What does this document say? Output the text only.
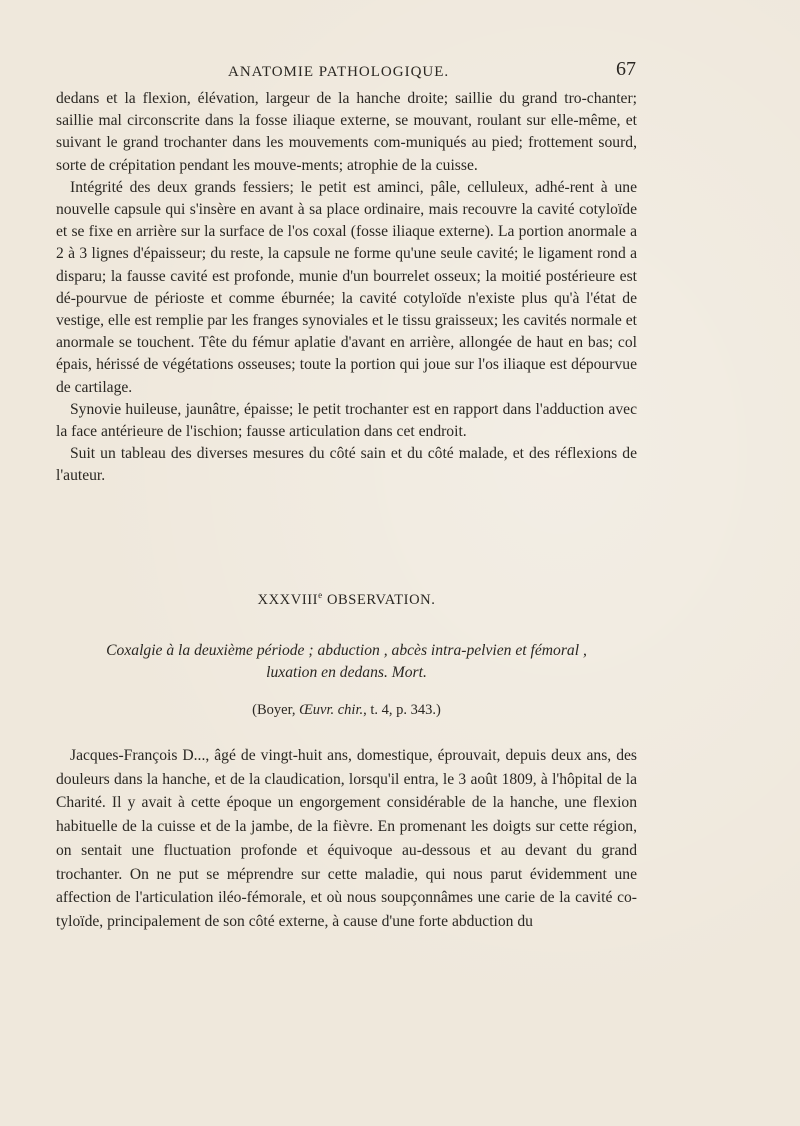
ANATOMIE PATHOLOGIQUE.	67

dedans et la flexion, élévation, largeur de la hanche droite; saillie du grand tro-chanter; saillie mal circonscrite dans la fosse iliaque externe, se mouvant, roulant sur elle-même, et suivant le grand trochanter dans les mouvements com-muniqués au pied; frottement sourd, sorte de crépitation pendant les mouve-ments; atrophie de la cuisse.

Intégrité des deux grands fessiers; le petit est aminci, pâle, celluleux, adhé-rent à une nouvelle capsule qui s'insère en avant à sa place ordinaire, mais recouvre la cavité cotyloïde et se fixe en arrière sur la surface de l'os coxal (fosse iliaque externe). La portion anormale a 2 à 3 lignes d'épaisseur; du reste, la capsule ne forme qu'une seule cavité; le ligament rond a disparu; la fausse cavité est profonde, munie d'un bourrelet osseux; la moitié postérieure est dé-pourvue de périoste et comme éburnée; la cavité cotyloïde n'existe plus qu'à l'état de vestige, elle est remplie par les franges synoviales et le tissu graisseux; les cavités normale et anormale se touchent. Tête du fémur aplatie d'avant en arrière, allongée de haut en bas; col épais, hérissé de végétations osseuses; toute la portion qui joue sur l'os iliaque est dépourvue de cartilage.

Synovie huileuse, jaunâtre, épaisse; le petit trochanter est en rapport dans l'adduction avec la face antérieure de l'ischion; fausse articulation dans cet endroit.

Suit un tableau des diverses mesures du côté sain et du côté malade, et des réflexions de l'auteur.

XXXVIIIe OBSERVATION.
Coxalgie à la deuxième période ; abduction , abcès intra-pelvien et fémoral ,
luxation en dedans. Mort.
(Boyer, Œuvr. chir., t. 4, p. 343.)

Jacques-François D..., âgé de vingt-huit ans, domestique, éprouvait, depuis deux ans, des douleurs dans la hanche, et de la claudication, lorsqu'il entra, le 3 août 1809, à l'hôpital de la Charité. Il y avait à cette époque un engorgement considérable de la hanche, une flexion habituelle de la cuisse et de la jambe, de la fièvre. En promenant les doigts sur cette région, on sentait une fluctuation profonde et équivoque au-dessous et au devant du grand trochanter. On ne put se méprendre sur cette maladie, qui nous parut évidemment une affection de l'articulation iléo-fémorale, et où nous soupçonnâmes une carie de la cavité co-tyloïde, principalement de son côté externe, à cause d'une forte abduction du
